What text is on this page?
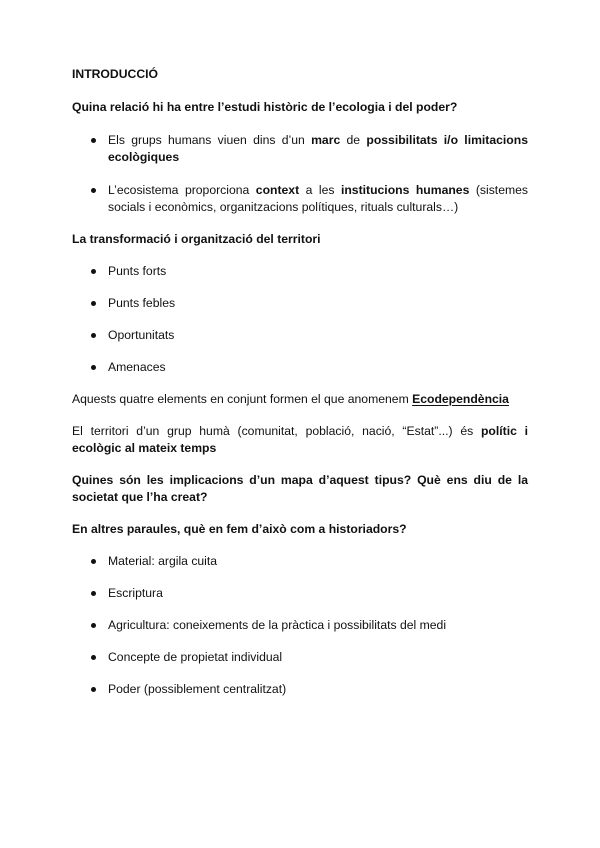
INTRODUCCIÓ

Quina relació hi ha entre l’estudi històric de l’ecologia i del poder?

Els grups humans viuen dins d’un marc de possibilitats i/o limitacions ecològiques
L’ecosistema proporciona context a les institucions humanes (sistemes socials i econòmics, organitzacions polítiques, rituals culturals…)

La transformació i organització del territori

Punts forts
Punts febles
Oportunitats
Amenaces

Aquests quatre elements en conjunt formen el que anomenem Ecodependència

El territori d’un grup humà (comunitat, població, nació, “Estat”...) és polític i ecològic al mateix temps

Quines són les implicacions d’un mapa d’aquest tipus? Què ens diu de la societat que l’ha creat?

En altres paraules, què en fem d’això com a historiadors?

Material: argila cuita
Escriptura
Agricultura: coneixements de la pràctica i possibilitats del medi
Concepte de propietat individual
Poder (possiblement centralitzat)
